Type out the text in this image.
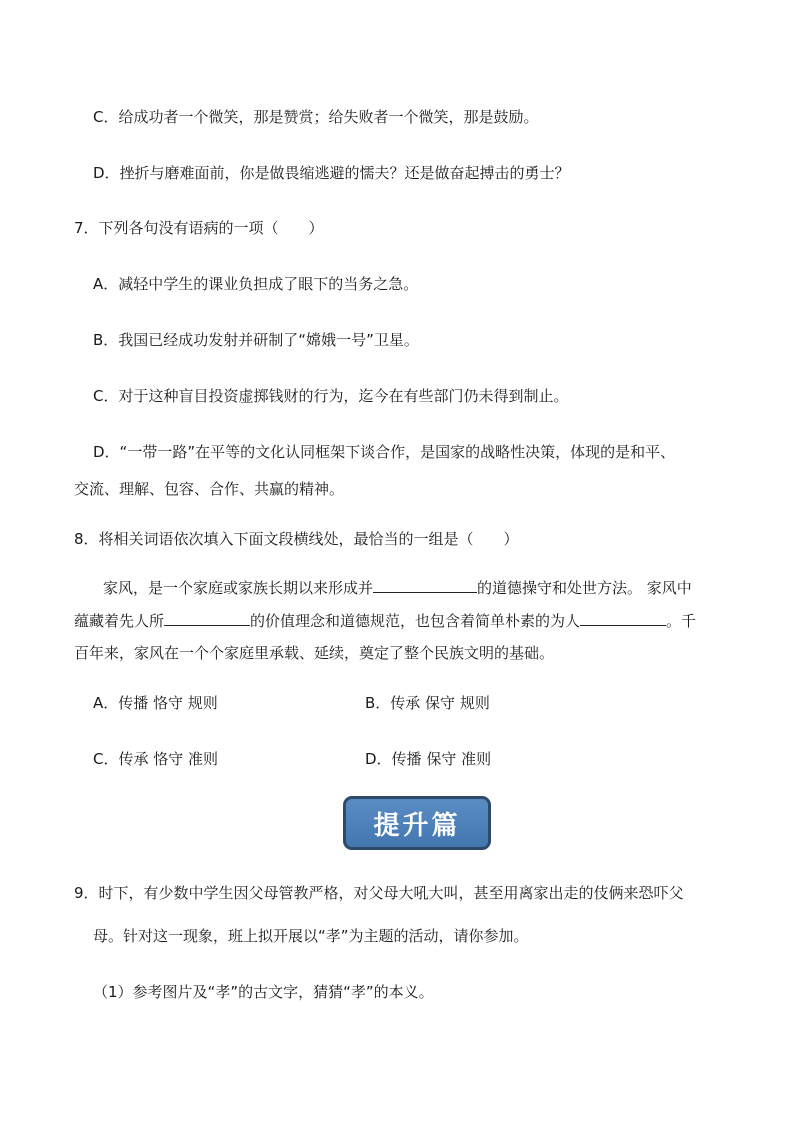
C．给成功者一个微笑，那是赞赏；给失败者一个微笑，那是鼓励。
D．挫折与磨难面前，你是做畏缩逃避的懦夫？还是做奋起搏击的勇士？
7．下列各句没有语病的一项（　　）
A．减轻中学生的课业负担成了眼下的当务之急。
B．我国已经成功发射并研制了“嫦娥一号”卫星。
C．对于这种盲目投资虚掷钱财的行为，迄今在有些部门仍未得到制止。
D．“一带一路”在平等的文化认同框架下谈合作，是国家的战略性决策，体现的是和平、
交流、理解、包容、合作、共赢的精神。
8．将相关词语依次填入下面文段横线处，最恰当的一组是（　　）
家风，是一个家庭或家族长期以来形成并	的道德操守和处世方法。 家风中
蕴藏着先人所	的价值理念和道德规范，也包含着简单朴素的为人	。千
百年来，家风在一个个家庭里承载、延续，奠定了整个民族文明的基础。
A．传播 恪守 规则	B．传承 保守 规则
C．传承 恪守 准则	D．传播 保守 准则
提升篇
9．时下，有少数中学生因父母管教严格，对父母大吼大叫，甚至用离家出走的伎俩来恐吓父
母。针对这一现象，班上拟开展以“孝”为主题的活动，请你参加。
（1）参考图片及“孝”的古文字，猜猜“孝”的本义。
